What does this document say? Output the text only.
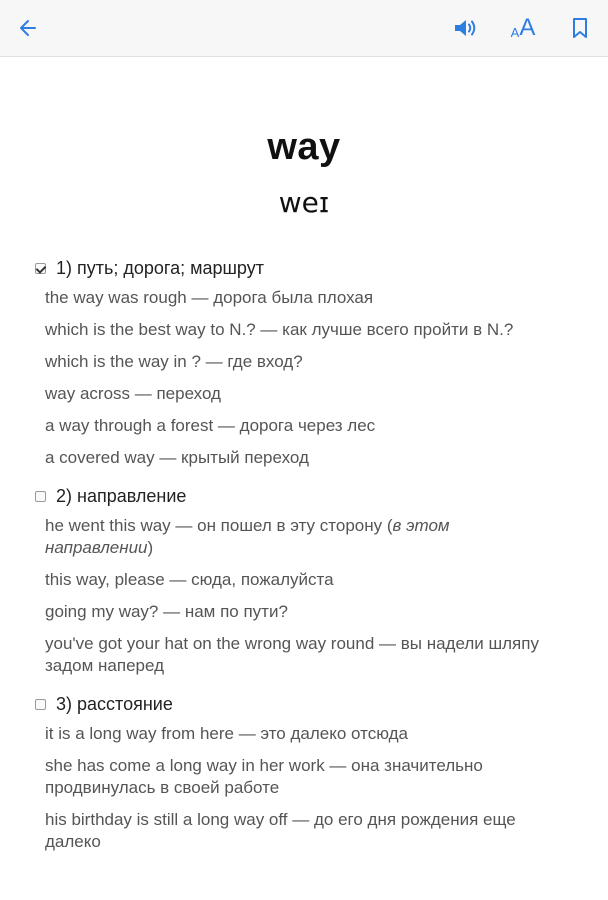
A A
way
weɪ
1) путь; дорога; маршрут
the way was rough — дорога была плохая
which is the best way to N.? — как лучше всего пройти в N.?
which is the way in ? — где вход?
way across — переход
a way through a forest — дорога через лес
a covered way — крытый переход
2) направление
he went this way — он пошел в эту сторону (в этом направлении)
this way, please — сюда, пожалуйста
going my way? — нам по пути?
you've got your hat on the wrong way round — вы надели шляпу задом наперед
3) расстояние
it is a long way from here — это далеко отсюда
she has come a long way in her work — она значительно продвинулась в своей работе
his birthday is still a long way off — до его дня рождения еще далеко
